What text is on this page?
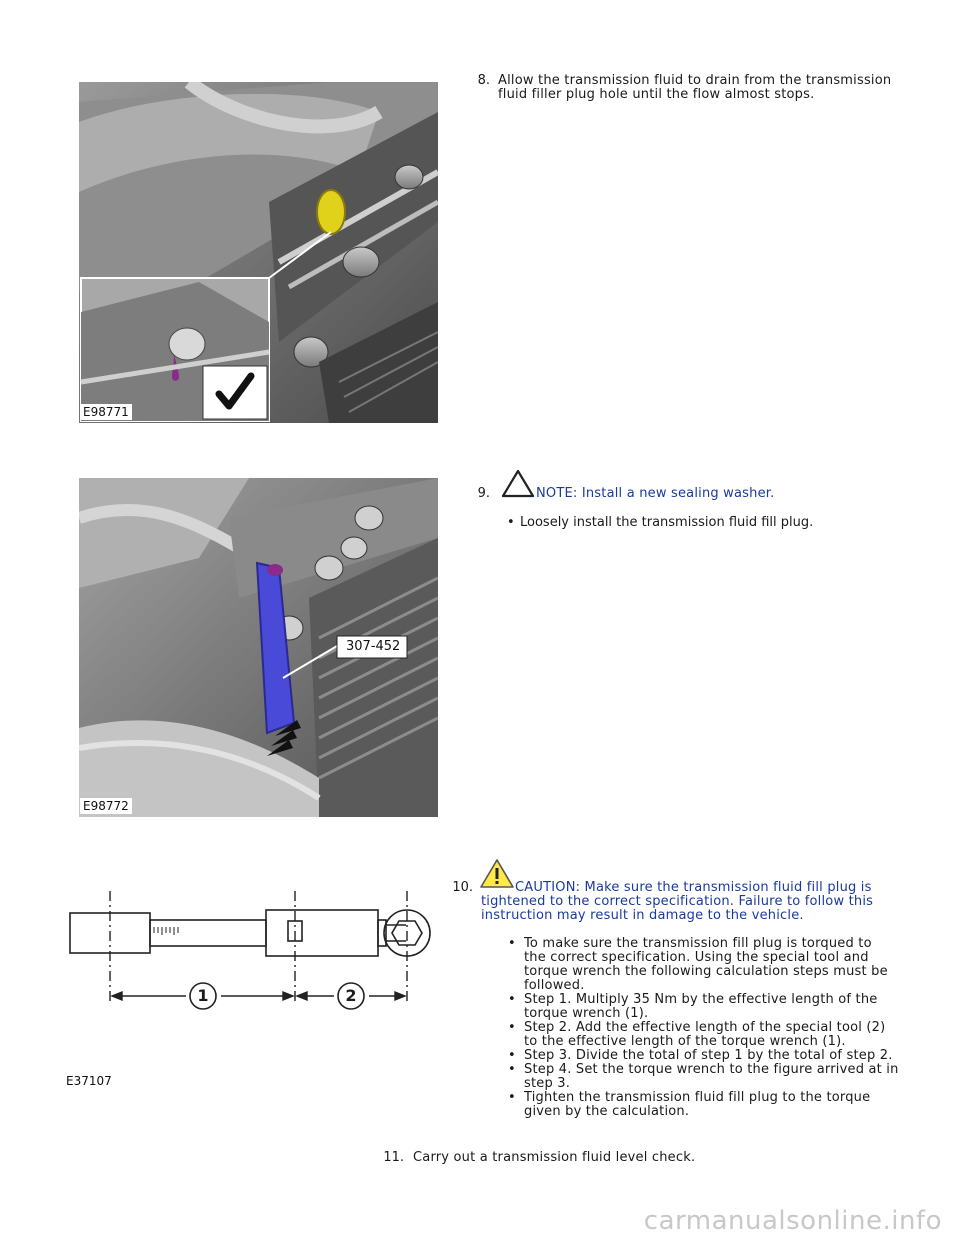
8. Allow the transmission fluid to drain from the transmission
fluid filler plug hole until the flow almost stops.
E98771
9.	NOTE: Install a new sealing washer.
• Loosely install the transmission fluid fill plug.
307-452
E98772
10.	CAUTION: Make sure the transmission fluid fill plug is
tightened to the correct specification. Failure to follow this
instruction may result in damage to the vehicle.
• To make sure the transmission fill plug is torqued to
the correct specification. Using the special tool and
torque wrench the following calculation steps must be
followed.
• Step 1. Multiply 35 Nm by the effective length of the
torque wrench (1).
• Step 2. Add the effective length of the special tool (2)
to the effective length of the torque wrench (1).
• Step 3. Divide the total of step 1 by the total of step 2.
• Step 4. Set the torque wrench to the figure arrived at in
step 3.
• Tighten the transmission fluid fill plug to the torque
given by the calculation.
1	2
E37107
11. Carry out a transmission fluid level check.
carmanualsonline.info
